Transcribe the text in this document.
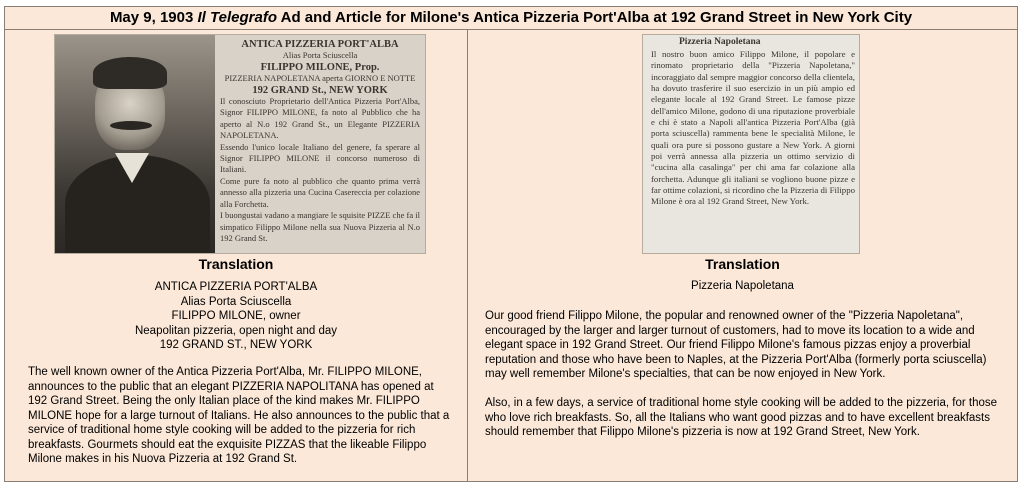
May 9, 1903 Il Telegrafo Ad and Article for Milone's Antica Pizzeria Port'Alba at 192 Grand Street in New York City
ANTICA PIZZERIA PORT'ALBA
Alias Porta Sciuscella
FILIPPO MILONE, Prop.
PIZZERIA NAPOLETANA aperta GIORNO E NOTTE
192 GRAND St., NEW YORK
Il conosciuto Proprietario dell'Antica Pizzeria Port'Alba, Signor FILIPPO MILONE, fa noto al Pubblico che ha aperto al N.o 192 Grand St., un Elegante PIZZERIA NAPOLETANA.
Essendo l'unico locale Italiano del genere, fa sperare al Signor FILIPPO MILONE il concorso numeroso di Italiani.
Come pure fa noto al pubblico che quanto prima verrà annesso alla pizzeria una Cucina Casereccia per colazione alla Forchetta.
I buongustai vadano a mangiare le squisite PIZZE che fa il simpatico Filippo Milone nella sua Nuova Pizzeria al N.o 192 Grand St.
Translation
ANTICA PIZZERIA PORT'ALBA
Alias Porta Sciuscella
FILIPPO MILONE, owner
Neapolitan pizzeria, open night and day
192 GRAND ST., NEW YORK
The well known owner of the Antica Pizzeria Port'Alba, Mr. FILIPPO MILONE, announces to the public that an elegant PIZZERIA NAPOLITANA has opened at 192 Grand Street. Being the only Italian place of the kind makes Mr. FILIPPO MILONE hope for a large turnout of Italians. He also announces to the public that a service of traditional home style cooking will be added to the pizzeria for rich breakfasts. Gourmets should eat the exquisite PIZZAS that the likeable Filippo Milone makes in his Nuova Pizzeria at 192 Grand St.
Pizzeria Napoletana
Il nostro buon amico Filippo Milone, il popolare e rinomato proprietario della "Pizzeria Napoletana," incoraggiato dal sempre maggior concorso della clientela, ha dovuto trasferire il suo esercizio in un più ampio ed elegante locale al 192 Grand Street. Le famose pizze dell'amico Milone, godono di una riputazione proverbiale e chi è stato a Napoli all'antica Pizzeria Port'Alba (già porta sciuscella) rammenta bene le specialità Milone, le quali ora pure si possono gustare a New York. A giorni poi verrà annessa alla pizzeria un ottimo servizio di "cucina alla casalinga" per chi ama far colazione alla forchetta. Adunque gli italiani se vogliono buone pizze e far ottime colazioni, si ricordino che la Pizzeria di Filippo Milone è ora al 192 Grand Street, New York.
Translation
Pizzeria Napoletana
Our good friend Filippo Milone, the popular and renowned owner of the "Pizzeria Napoletana", encouraged by the larger and larger turnout of customers, had to move its location to a wide and elegant space in 192 Grand Street. Our friend Filippo Milone's famous pizzas enjoy a proverbial reputation and those who have been to Naples, at the Pizzeria Port'Alba (formerly porta sciuscella) may well remember Milone's specialties, that can be now enjoyed in New York.
Also, in a few days, a service of traditional home style cooking will be added to the pizzeria, for those who love rich breakfasts. So, all the Italians who want good pizzas and to have excellent breakfasts should remember that Filippo Milone's pizzeria is now at 192 Grand Street, New York.
